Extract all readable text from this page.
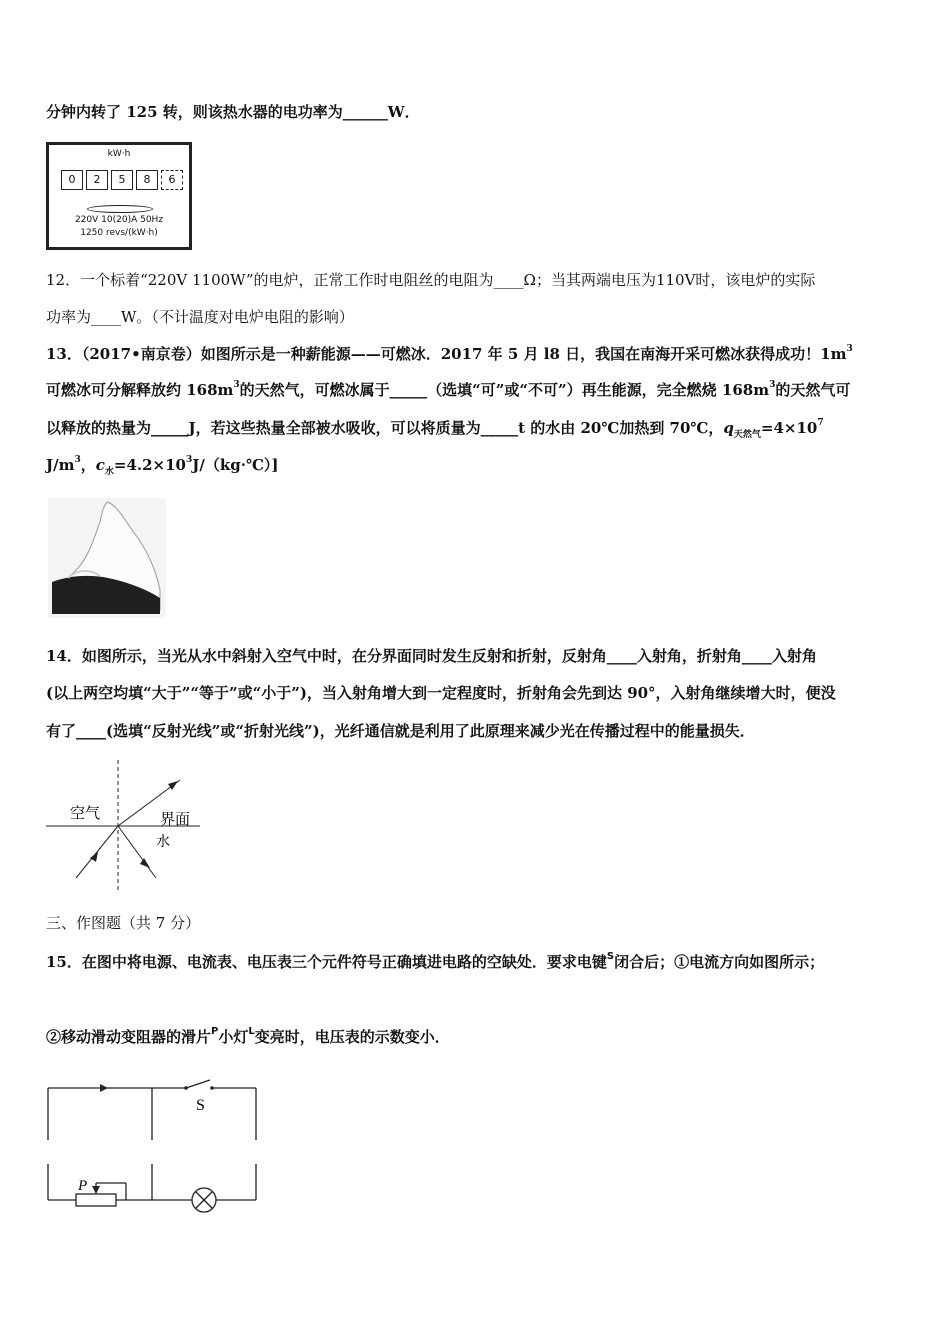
分钟内转了 125 转，则该热水器的电功率为______W．
kW·h
0	2	5	8	6
220V 10(20)A 50Hz
1250 revs/(kW·h)
12．一个标着“220V 1100W”的电炉，正常工作时电阻丝的电阻为____Ω；当其两端电压为110V时，该电炉的实际
功率为____W。（不计温度对电炉电阻的影响）
13．（2017•南京卷）如图所示是一种薪能源——可燃冰．2017 年 5 月 l8 日，我国在南海开采可燃冰获得成功！$1m^3$
可燃冰可分解释放约 $168m^3$的天然气，可燃冰属于_____（选填“可”或“不可”）再生能源，完全燃烧 $168m^3$的天然气可
以释放的热量为_____J，若这些热量全部被水吸收，可以将质量为_____t 的水由 20℃加热到 70℃，$q_{天然气}=4\times 10^7$
$J/m^3$，$c_水=4.2\times 10^3J/(kg\cdot℃)$]
14．如图所示，当光从水中斜射入空气中时，在分界面同时发生反射和折射，反射角____入射角，折射角____入射角
(以上两空均填“大于”“等于”或“小于”)，当入射角增大到一定程度时，折射角会先到达 90°，入射角继续增大时，便没
有了____(选填“反射光线”或“折射光线”)，光纤通信就是利用了此原理来减少光在传播过程中的能量损失．
空气	界面
水
三、作图题（共 7 分）
15．在图中将电源、电流表、电压表三个元件符号正确填进电路的空缺处．要求电键$^S$闭合后；①电流方向如图所示；
②移动滑动变阻器的滑片$^P$小灯$^L$变亮时，电压表的示数变小．
S
P
